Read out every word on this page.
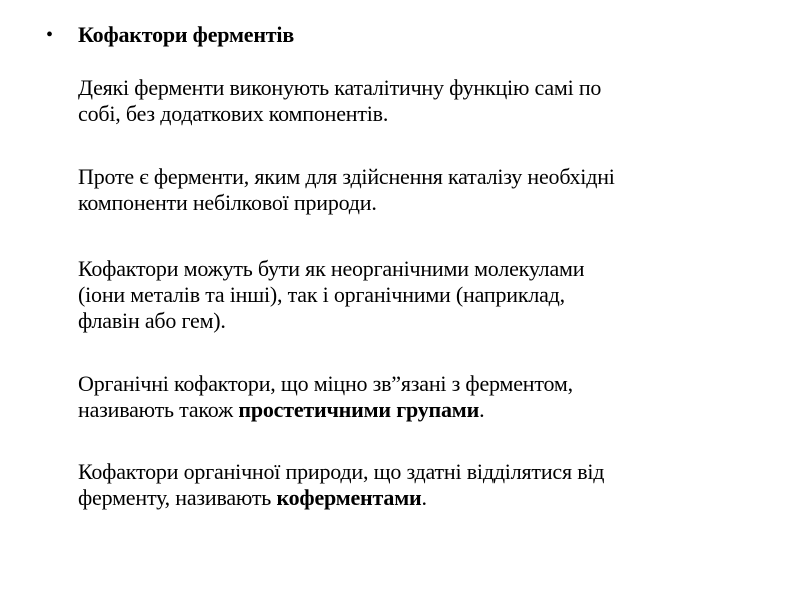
• Кофактори ферментів

Деякі ферменти виконують каталітичну функцію самі по
собі, без додаткових компонентів.

Проте є ферменти, яким для здійснення каталізу необхідні
компоненти небілкової природи.

Кофактори можуть бути як неорганічними молекулами
(іони металів та інші), так і органічними (наприклад,
флавін або гем).

Органічні кофактори, що міцно зв”язані з ферментом,
називають також простетичними групами.

Кофактори органічної природи, що здатні відділятися від
ферменту, називають коферментами.
